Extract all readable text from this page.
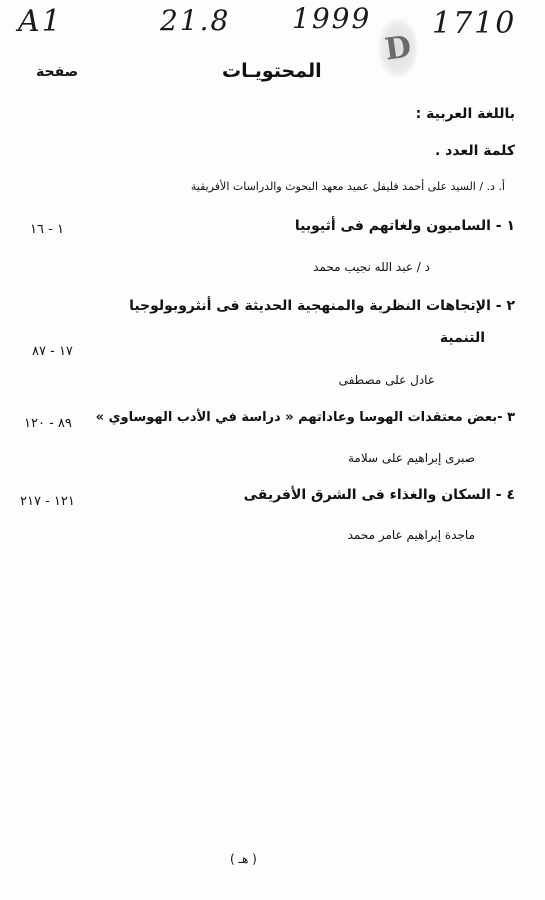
A1	21.8 1999 1710
D
المحتويـات
صفحة
باللغة العربية :
كلمة العدد .
أ. د. / السيد على أحمد فليفل عميد معهد البحوث والدراسات الأفريقية
١ - الساميون ولغاتهم فى أثيوبيا
١ - ١٦
د / عبد الله نجيب محمد
٢ - الإتجاهات النظرية والمنهجية الحديثة فى أنثروبولوجيا
التنمية
١٧ - ٨٧
عادل على مصطفى
٣ -بعض معتقدات الهوسا وعاداتهم « دراسة في الأدب الهوساوي »
٨٩ - ١٢٠
صبرى إبراهيم على سلامة
٤ - السكان والغذاء فى الشرق الأفريقى
١٢١ - ٢١٧
ماجدة إبراهيم عامر محمد
( هـ )
